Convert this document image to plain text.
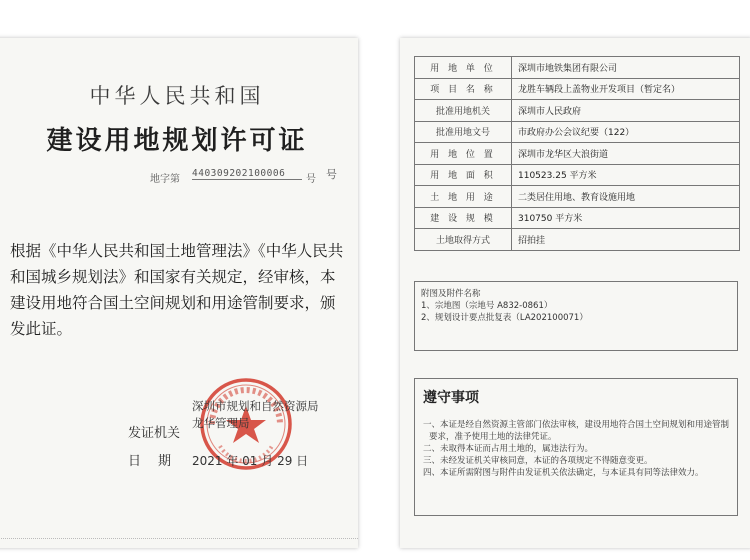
中华人民共和国
建设用地规划许可证
地字第
440309202100006
号 号
根据《中华人民共和国土地管理法》《中华人民共和国城乡规划法》和国家有关规定，经审核，本建设用地符合国土空间规划和用途管制要求，颁发此证。
发证机关
深圳市规划和自然资源局
龙华管理局
日　期 2021 年 01 月 29 日
用 地 单 位	深圳市地铁集团有限公司
项 目 名 称	龙胜车辆段上盖物业开发项目（暂定名）
批准用地机关	深圳市人民政府
批准用地文号	市政府办公会议纪要（122）
用 地 位 置	深圳市龙华区大浪街道
用 地 面 积	110523.25 平方米
土 地 用 途	二类居住用地、教育设施用地
建 设 规 模	310750 平方米
土地取得方式	招拍挂
附图及附件名称
1、宗地图（宗地号 A832-0861）
2、规划设计要点批复表（LA202100071）
遵守事项
一、本证是经自然资源主管部门依法审核，建设用地符合国土空间规划和用途管制要求，准予使用土地的法律凭证。
二、未取得本证而占用土地的，属违法行为。
三、未经发证机关审核同意，本证的各项规定不得随意变更。
四、本证所需附图与附件由发证机关依法确定，与本证具有同等法律效力。
